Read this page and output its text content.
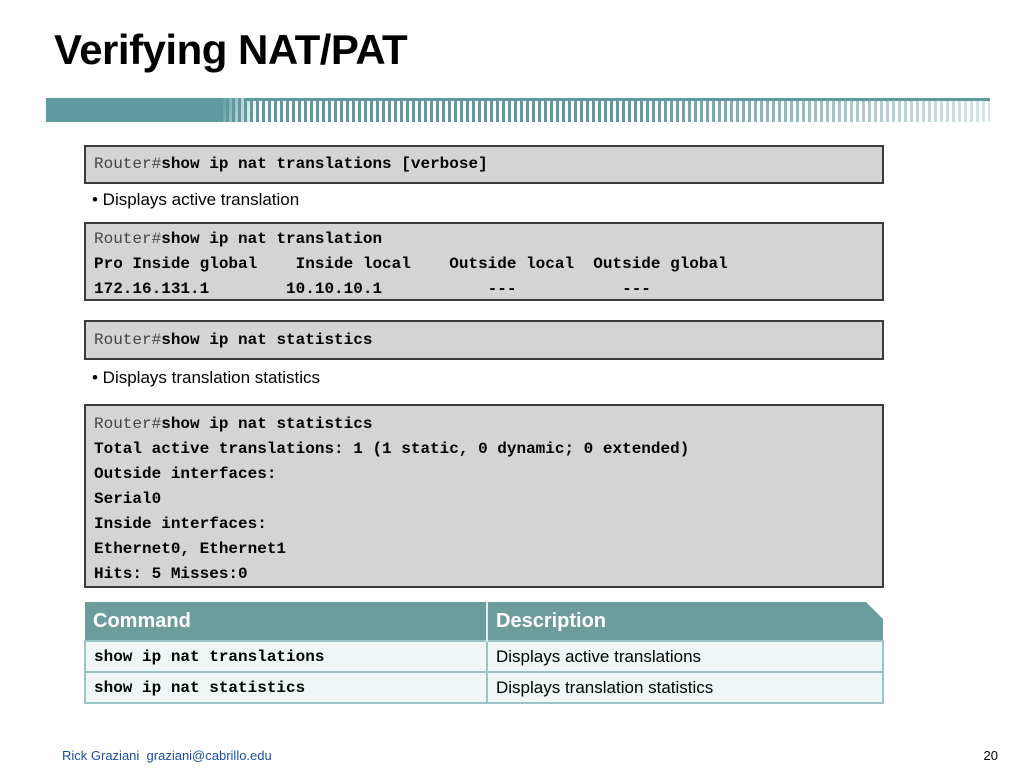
Verifying NAT/PAT
Router#show ip nat translations [verbose]
• Displays active translation
Router#show ip nat translation
Pro Inside global    Inside local    Outside local  Outside global
172.16.131.1        10.10.10.1           ---           ---
Router#show ip nat statistics
• Displays translation statistics
Router#show ip nat statistics
Total active translations: 1 (1 static, 0 dynamic; 0 extended)
Outside interfaces:
Serial0
Inside interfaces:
Ethernet0, Ethernet1
Hits: 5 Misses:0
Command	Description
show ip nat translations	Displays active translations
show ip nat statistics	Displays translation statistics
Rick Graziani graziani@cabrillo.edu	20
